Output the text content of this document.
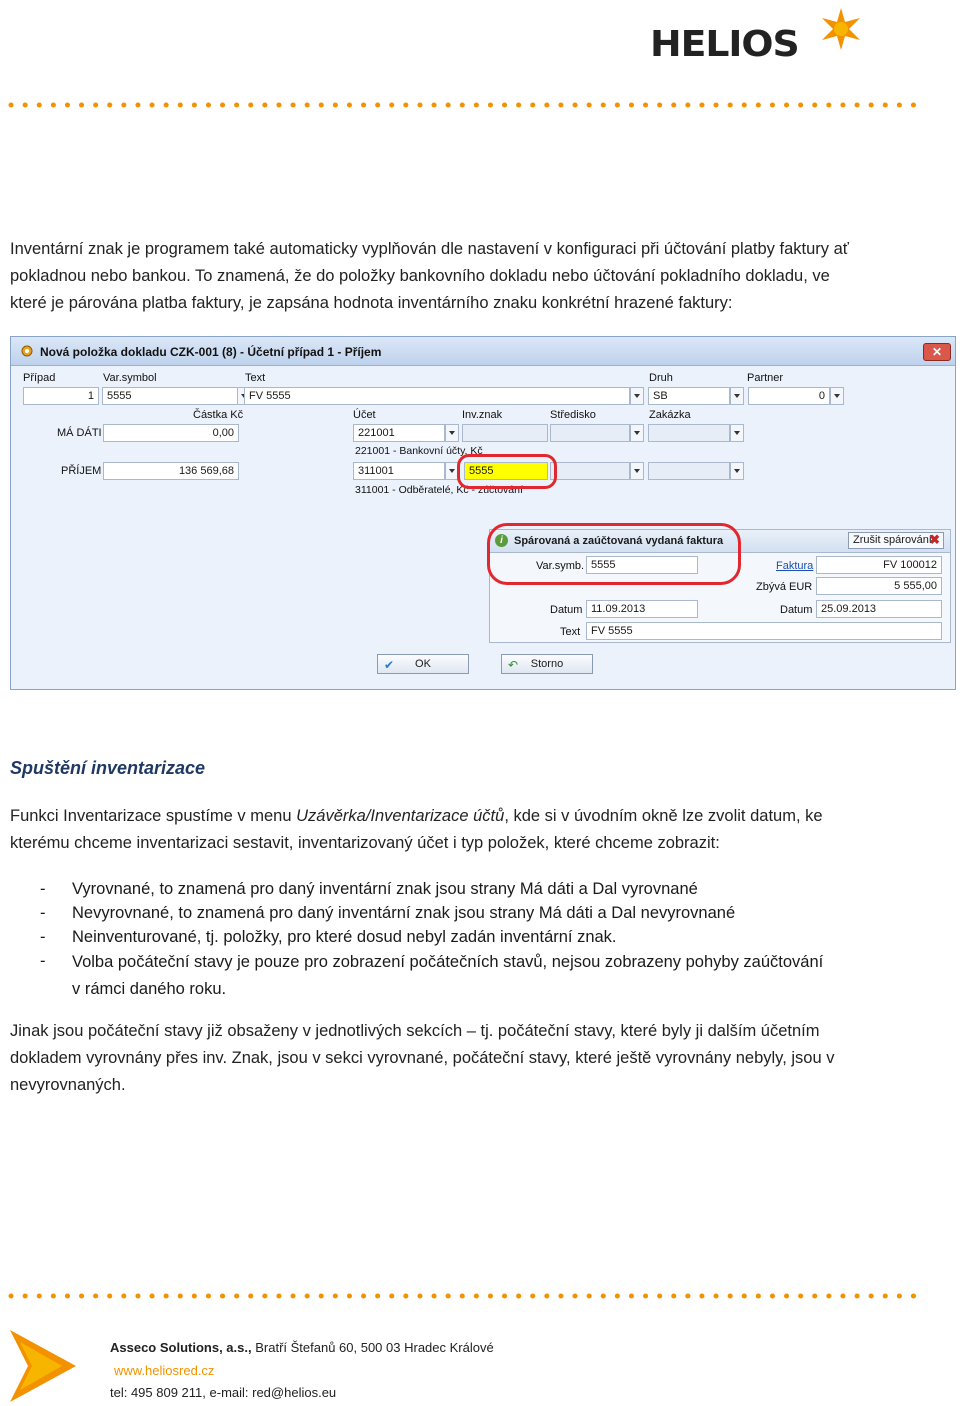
HELIOS

Inventární znak je programem také automaticky vyplňován dle nastavení v konfiguraci při účtování platby faktury ať

pokladnou nebo bankou. To znamená, že do položky bankovního dokladu nebo účtování pokladního dokladu, ve

které je párována platba faktury, je zapsána hodnota inventárního znaku konkrétní hrazené faktury:

Nová položka dokladu CZK-001 (8) - Účetní případ 1 - Příjem	✕
Případ	Var.symbol	Text	Druh	Partner
1	5555	FV 5555	SB	0
Částka Kč	Účet	Inv.znak	Středisko	Zakázka
MÁ DÁTI	0,00	221001
221001 - Bankovní účty, Kč
PŘÍJEM	136 569,68	311001	5555
311001 - Odběratelé, Kč - zúčtování
i	Spárovaná a zaúčtovaná vydaná faktura	Zrušit spárování
✖
Var.symb. 5555	Faktura	FV 100012
Zbývá EUR	5 555,00
Datum 11.09.2013	Datum 25.09.2013
Text FV 5555
✔ OK	↶ Storno
Spuštění inventarizace

Funkci Inventarizace spustíme v menu Uzávěrka/Inventarizace účtů, kde si v úvodním okně lze zvolit datum, ke

kterému chceme inventarizaci sestavit, inventarizovaný účet i typ položek, které chceme zobrazit:

-	Vyrovnané, to znamená pro daný inventární znak jsou strany Má dáti a Dal vyrovnané
-	Nevyrovnané, to znamená pro daný inventární znak jsou strany Má dáti a Dal nevyrovnané
-	Neinventurované, tj. položky, pro které dosud nebyl zadán inventární znak.
-	Volba počáteční stavy je pouze pro zobrazení počátečních stavů, nejsou zobrazeny pohyby zaúčtování
v rámci daného roku.

Jinak jsou počáteční stavy již obsaženy v jednotlivých sekcích – tj. počáteční stavy, které byly ji dalším účetním

dokladem vyrovnány přes inv. Znak, jsou v sekci vyrovnané, počáteční stavy, které ještě vyrovnány nebyly, jsou v

nevyrovnaných.

Asseco Solutions, a.s., Bratří Štefanů 60, 500 03 Hradec Králové
www.heliosred.cz
tel: 495 809 211, e-mail: red@helios.eu
